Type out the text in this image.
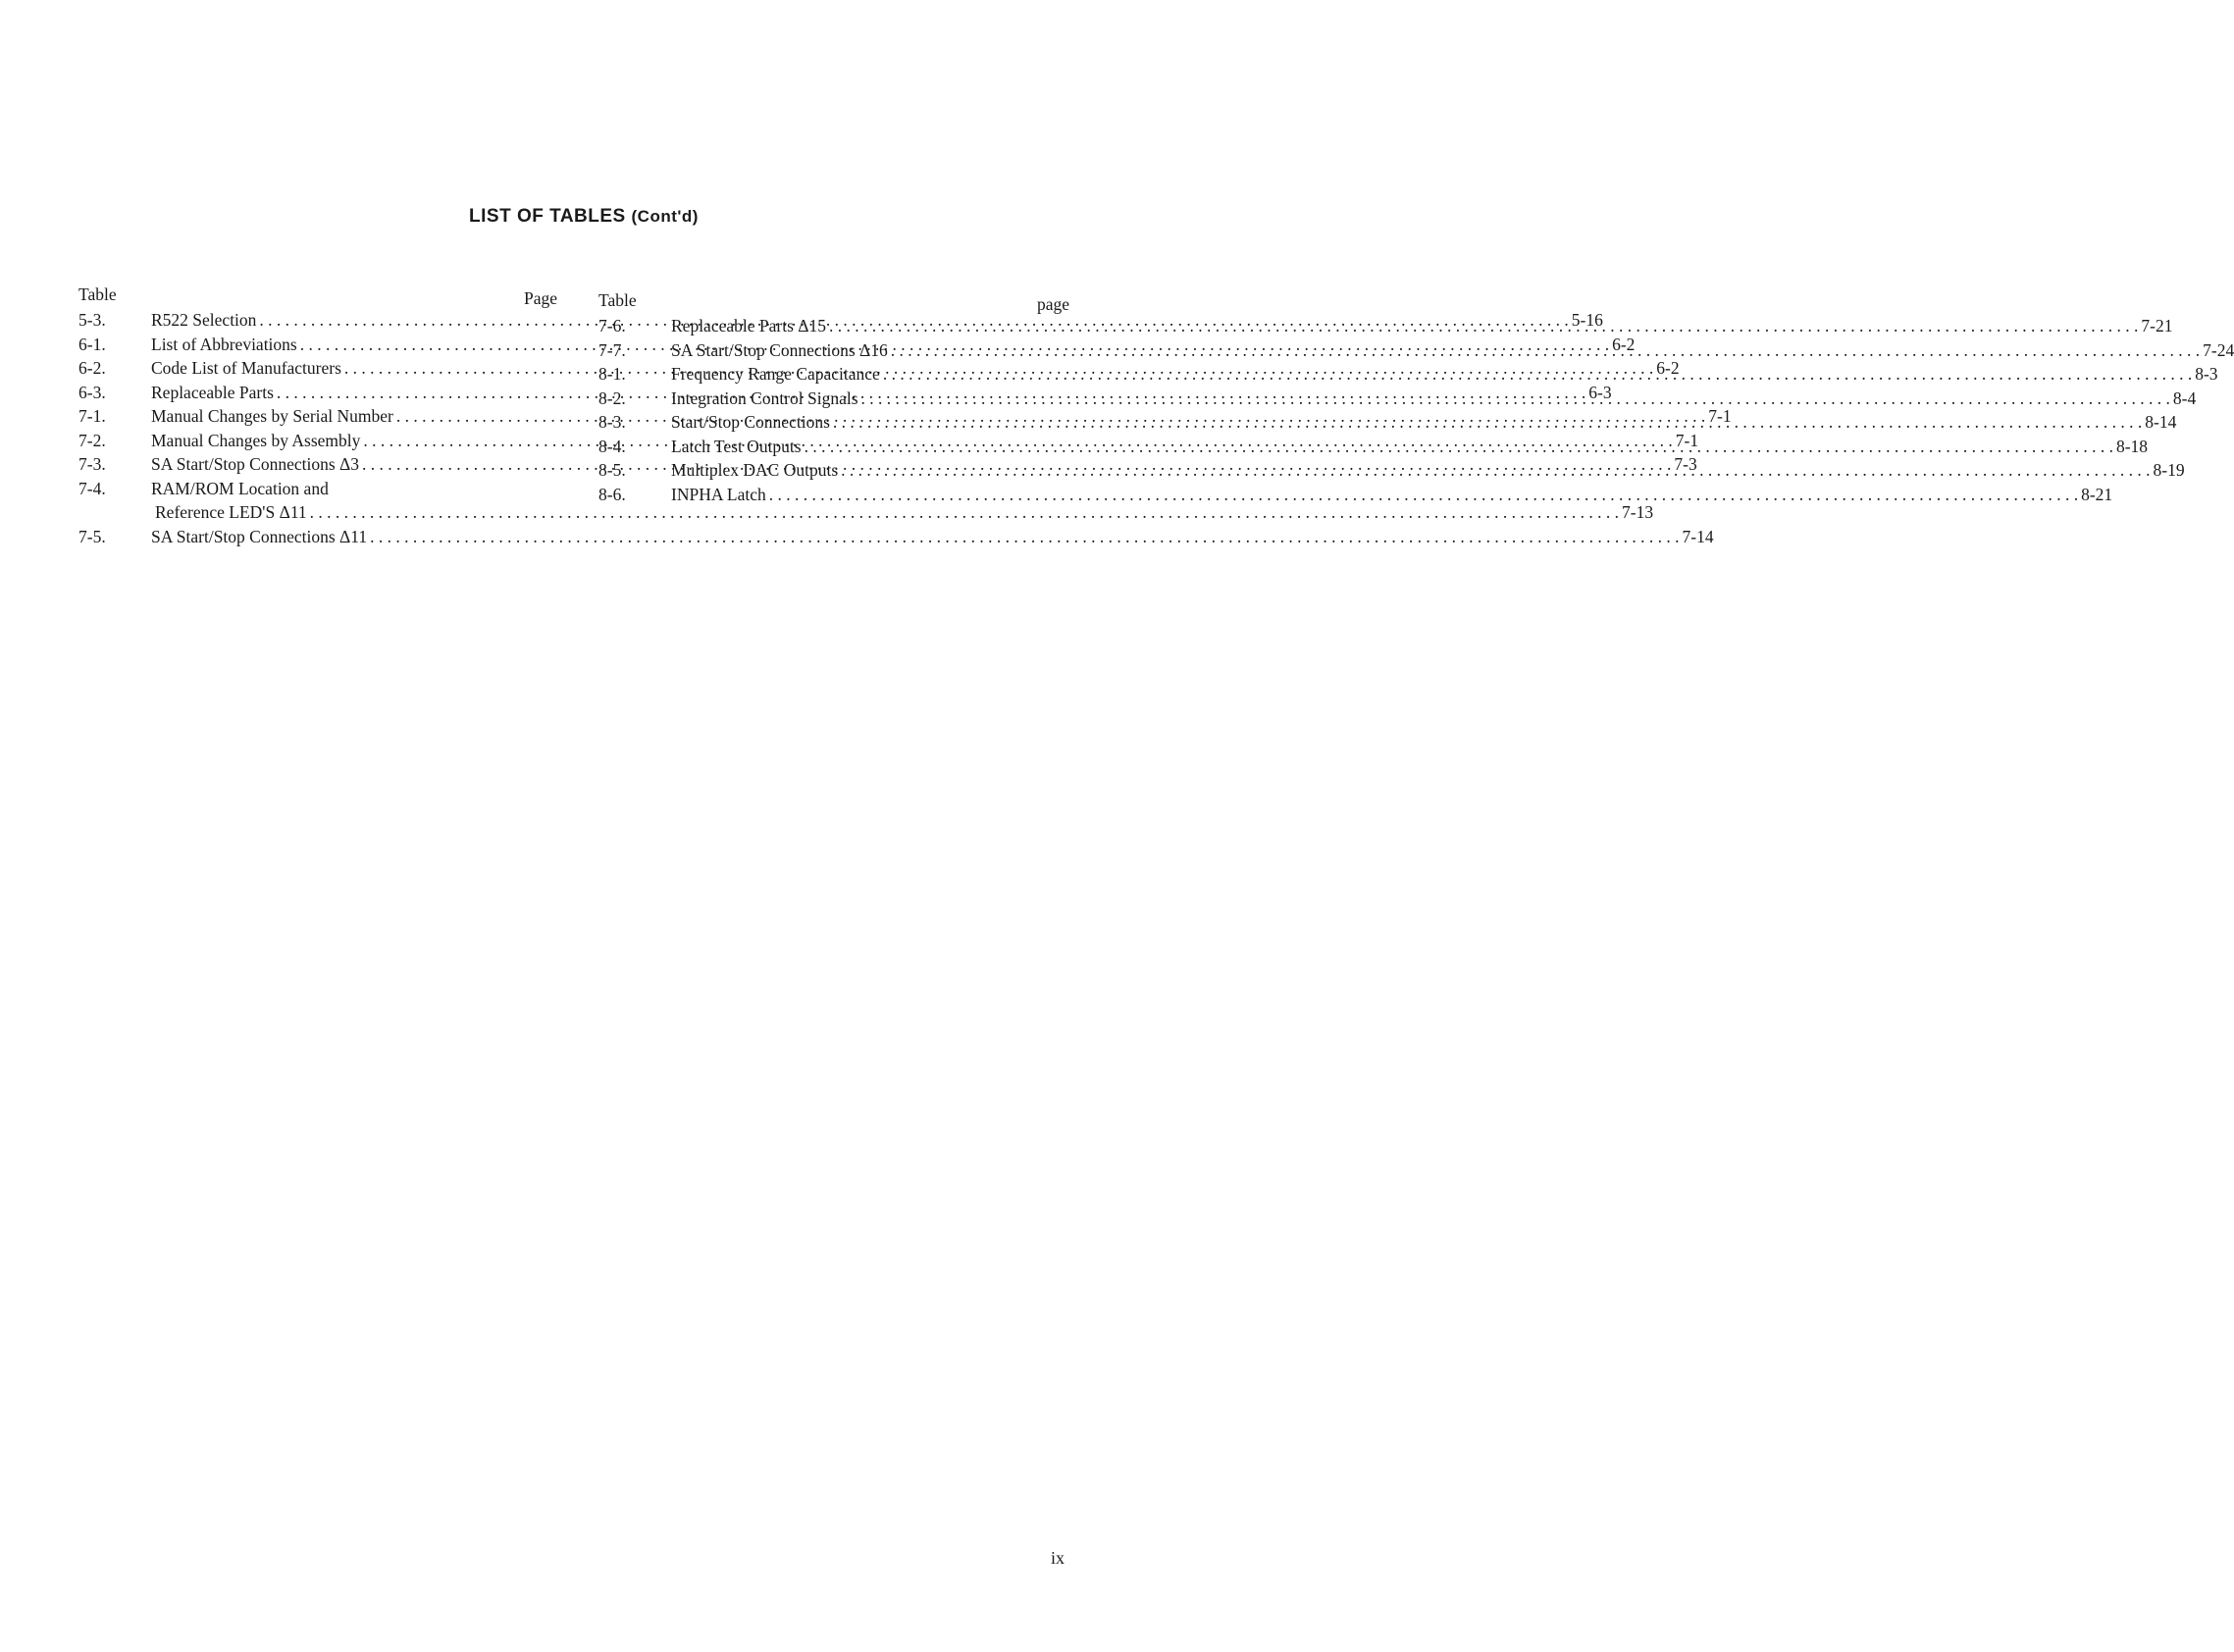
LIST OF TABLES (Cont'd)
Table	Page
5-3.	R522 Selection . . .	5-16
6-1.	List of Abbreviations . . .	6-2
6-2.	Code List of Manufacturers . . .	6-2
6-3.	Replaceable Parts . . .	6-3
7-1.	Manual Changes by Serial Number . . .	7-1
7-2.	Manual Changes by Assembly . . .	7-1
7-3.	SA Start/Stop Connections Δ3 . . .	7-3
7-4.	RAM/ROM Location and
Reference LED'S Δ11 . . .	7-13
7-5.	SA Start/Stop Connections Δ11 . . .	7-14
Table	page
7-6.	Replaceable Parts Δ15 . . .	7-21
7-7.	SA Start/Stop Connections Δ16 . . .	7-24
8-1.	Frequency Range Capacitance . . .	8-3
8-2.	Integration Control Signals . . .	8-4
8-3.	Start/Stop Connections . . .	8-14
8-4.	Latch Test Outputs . . .	8-18
8-5.	Multiplex DAC Outputs . . .	8-19
8-6.	INPHA Latch . . .	8-21
ix
